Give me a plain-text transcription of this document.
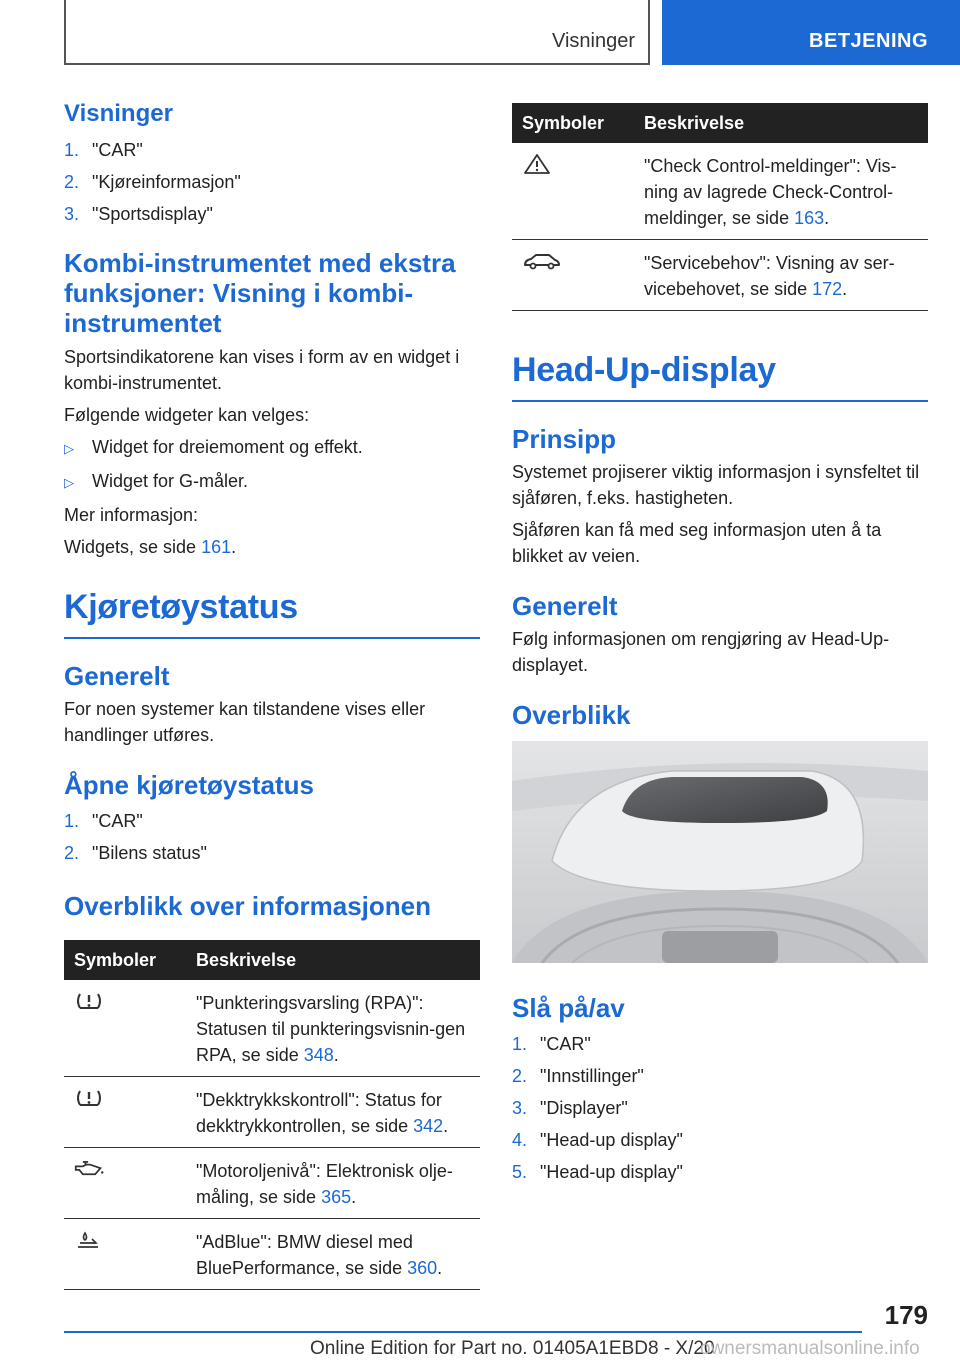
Visninger	BETJENING
Visninger
1. "CAR"
2. "Kjøreinformasjon"
3. "Sportsdisplay"
Kombi-instrumentet med ekstra funksjoner: Visning i kombi-instrumentet

Sportsindikatorene kan vises i form av en widget i kombi-instrumentet.

Følgende widgeter kan velges:

▷	Widget for dreiemoment og effekt.
▷	Widget for G-måler.

Mer informasjon:

Widgets, se side 161.

Kjøretøystatus
Generelt

For noen systemer kan tilstandene vises eller handlinger utføres.

Åpne kjøretøystatus
1. "CAR"
2. "Bilens status"
Overblikk over informasjonen
Symboler	Beskrivelse
	"Punkteringsvarsling (RPA)": Statusen til punkteringsvisnin-gen RPA, se side 348.
	"Dekktrykkskontroll": Status for dekktrykkontrollen, se side 342.
	"Motoroljenivå": Elektronisk olje-måling, se side 365.
	"AdBlue": BMW diesel med BluePerformance, se side 360.
Symboler	Beskrivelse
	"Check Control-meldinger": Vis-ning av lagrede Check-Control-meldinger, se side 163.
	"Servicebehov": Visning av ser-vicebehovet, se side 172.
Head-Up-display
Prinsipp

Systemet projiserer viktig informasjon i synsfeltet til sjåføren, f.eks. hastigheten.

Sjåføren kan få med seg informasjon uten å ta blikket av veien.

Generelt

Følg informasjonen om rengjøring av Head-Up-displayet.

Overblikk
Slå på/av
1. "CAR"
2. "Innstillinger"
3. "Displayer"
4. "Head-up display"
5. "Head-up display"
179
Online Edition for Part no. 01405A1EBD8 - X/20
ownersmanualsonline.info
